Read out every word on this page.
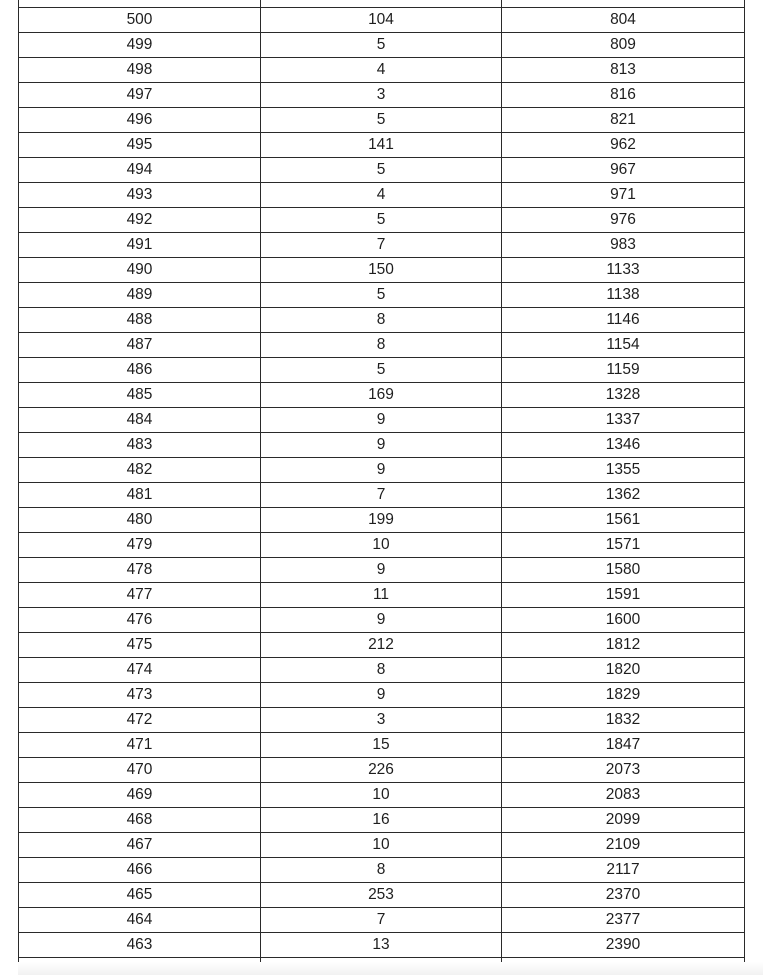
500	104	804
499	5	809
498	4	813
497	3	816
496	5	821
495	141	962
494	5	967
493	4	971
492	5	976
491	7	983
490	150	1133
489	5	1138
488	8	1146
487	8	1154
486	5	1159
485	169	1328
484	9	1337
483	9	1346
482	9	1355
481	7	1362
480	199	1561
479	10	1571
478	9	1580
477	11	1591
476	9	1600
475	212	1812
474	8	1820
473	9	1829
472	3	1832
471	15	1847
470	226	2073
469	10	2083
468	16	2099
467	10	2109
466	8	2117
465	253	2370
464	7	2377
463	13	2390
